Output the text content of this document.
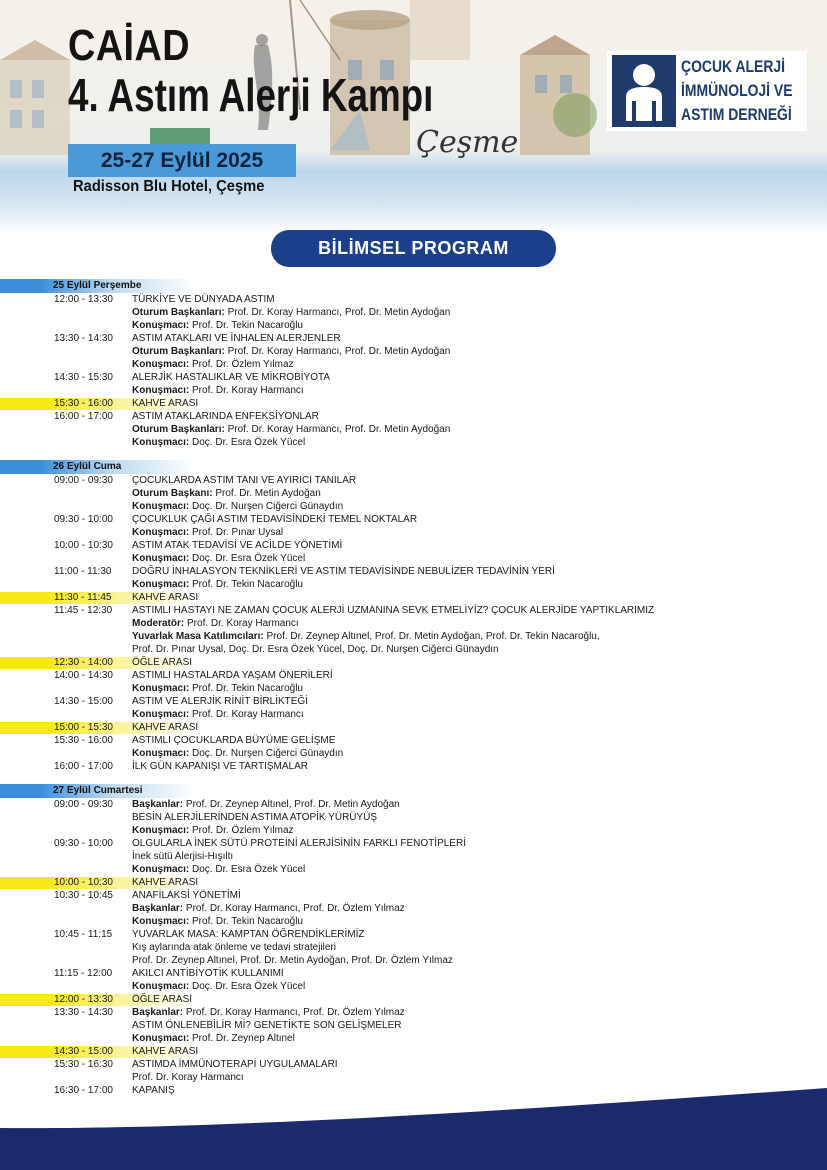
CAİAD
4. Astım Alerji Kampı
Çeşme
25-27 Eylül 2025
Radisson Blu Hotel, Çeşme
ÇOCUK ALERJİ
İMMÜNOLOJİ VE
ASTIM DERNEĞİ
BİLİMSEL PROGRAM
25 Eylül Perşembe
12:00 - 13:30 TÜRKİYE VE DÜNYADA ASTIM
Oturum Başkanları: Prof. Dr. Koray Harmancı, Prof. Dr. Metin Aydoğan
Konuşmacı: Prof. Dr. Tekin Nacaroğlu
13:30 - 14:30 ASTIM ATAKLARI VE İNHALEN ALERJENLER
Oturum Başkanları: Prof. Dr. Koray Harmancı, Prof. Dr. Metin Aydoğan
Konuşmacı: Prof. Dr. Özlem Yılmaz
14:30 - 15:30 ALERJİK HASTALIKLAR VE MİKROBİYOTA
Konuşmacı: Prof. Dr. Koray Harmancı
15:30 - 16:00 KAHVE ARASI
16:00 - 17:00 ASTIM ATAKLARINDA ENFEKSİYONLAR
Oturum Başkanları: Prof. Dr. Koray Harmancı, Prof. Dr. Metin Aydoğan
Konuşmacı: Doç. Dr. Esra Özek Yücel
26 Eylül Cuma
09:00 - 09:30 ÇOCUKLARDA ASTIM TANI VE AYIRICI TANILAR
Oturum Başkanı: Prof. Dr. Metin Aydoğan
Konuşmacı: Doç. Dr. Nurşen Ciğerci Günaydın
09:30 - 10:00 ÇOCUKLUK ÇAĞI ASTIM TEDAVİSİNDEKİ TEMEL NOKTALAR
Konuşmacı: Prof. Dr. Pınar Uysal
10:00 - 10:30 ASTIM ATAK TEDAVİSİ VE ACİLDE YÖNETİMİ
Konuşmacı: Doç. Dr. Esra Özek Yücel
11:00 - 11:30 DOĞRU İNHALASYON TEKNİKLERİ VE ASTIM TEDAVİSİNDE NEBULİZER TEDAVİNİN YERİ
Konuşmacı: Prof. Dr. Tekin Nacaroğlu
11:30 - 11:45 KAHVE ARASI
11:45 - 12:30 ASTIMLI HASTAYI NE ZAMAN ÇOCUK ALERJİ UZMANINA SEVK ETMELİYİZ? ÇOCUK ALERJİDE YAPTIKLARIMIZ
Moderatör: Prof. Dr. Koray Harmancı
Yuvarlak Masa Katılımcıları: Prof. Dr. Zeynep Altınel, Prof. Dr. Metin Aydoğan, Prof. Dr. Tekin Nacaroğlu,
Prof. Dr. Pınar Uysal, Doç. Dr. Esra Özek Yücel, Doç. Dr. Nurşen Ciğerci Günaydın
12:30 - 14:00 ÖĞLE ARASI
14:00 - 14:30 ASTIMLI HASTALARDA YAŞAM ÖNERİLERİ
Konuşmacı: Prof. Dr. Tekin Nacaroğlu
14:30 - 15:00 ASTIM VE ALERJİK RİNİT BİRLİKTEĞİ
Konuşmacı: Prof. Dr. Koray Harmancı
15:00 - 15:30 KAHVE ARASI
15:30 - 16:00 ASTIMLI ÇOCUKLARDA BÜYÜME GELİŞME
Konuşmacı: Doç. Dr. Nurşen Ciğerci Günaydın
16:00 - 17:00 İLK GÜN KAPANIŞI VE TARTIŞMALAR
27 Eylül Cumartesi
09:00 - 09:30 Başkanlar: Prof. Dr. Zeynep Altınel, Prof. Dr. Metin Aydoğan
BESİN ALERJİLERİNDEN ASTIMA ATOPİK YÜRÜYÜŞ
Konuşmacı: Prof. Dr. Özlem Yılmaz
09:30 - 10:00 OLGULARLA İNEK SÜTÜ PROTEİNİ ALERJİSİNİN FARKLI FENOTİPLERİ
İnek sütü Alerjisi-Hışıltı
Konuşmacı: Doç. Dr. Esra Özek Yücel
10:00 - 10:30 KAHVE ARASI
10:30 - 10:45 ANAFİLAKSİ YÖNETİMİ
Başkanlar: Prof. Dr. Koray Harmancı, Prof. Dr. Özlem Yılmaz
Konuşmacı: Prof. Dr. Tekin Nacaroğlu
10:45 - 11:15 YUVARLAK MASA: KAMPTAN ÖĞRENDİKLERİMİZ
Kış aylarında atak önleme ve tedavi stratejileri
Prof. Dr. Zeynep Altınel, Prof. Dr. Metin Aydoğan, Prof. Dr. Özlem Yılmaz
11:15 - 12:00 AKILCI ANTİBİYOTİK KULLANIMI
Konuşmacı: Doç. Dr. Esra Özek Yücel
12:00 - 13:30 ÖĞLE ARASI
13:30 - 14:30 Başkanlar: Prof. Dr. Koray Harmancı, Prof. Dr. Özlem Yılmaz
ASTIM ÖNLENEBİLİR Mİ? GENETİKTE SON GELİŞMELER
Konuşmacı: Prof. Dr. Zeynep Altınel
14:30 - 15:00 KAHVE ARASI
15:30 - 16:30 ASTIMDA İMMÜNOTERAPİ UYGULAMALARI
Prof. Dr. Koray Harmancı
16:30 - 17:00 KAPANIŞ
